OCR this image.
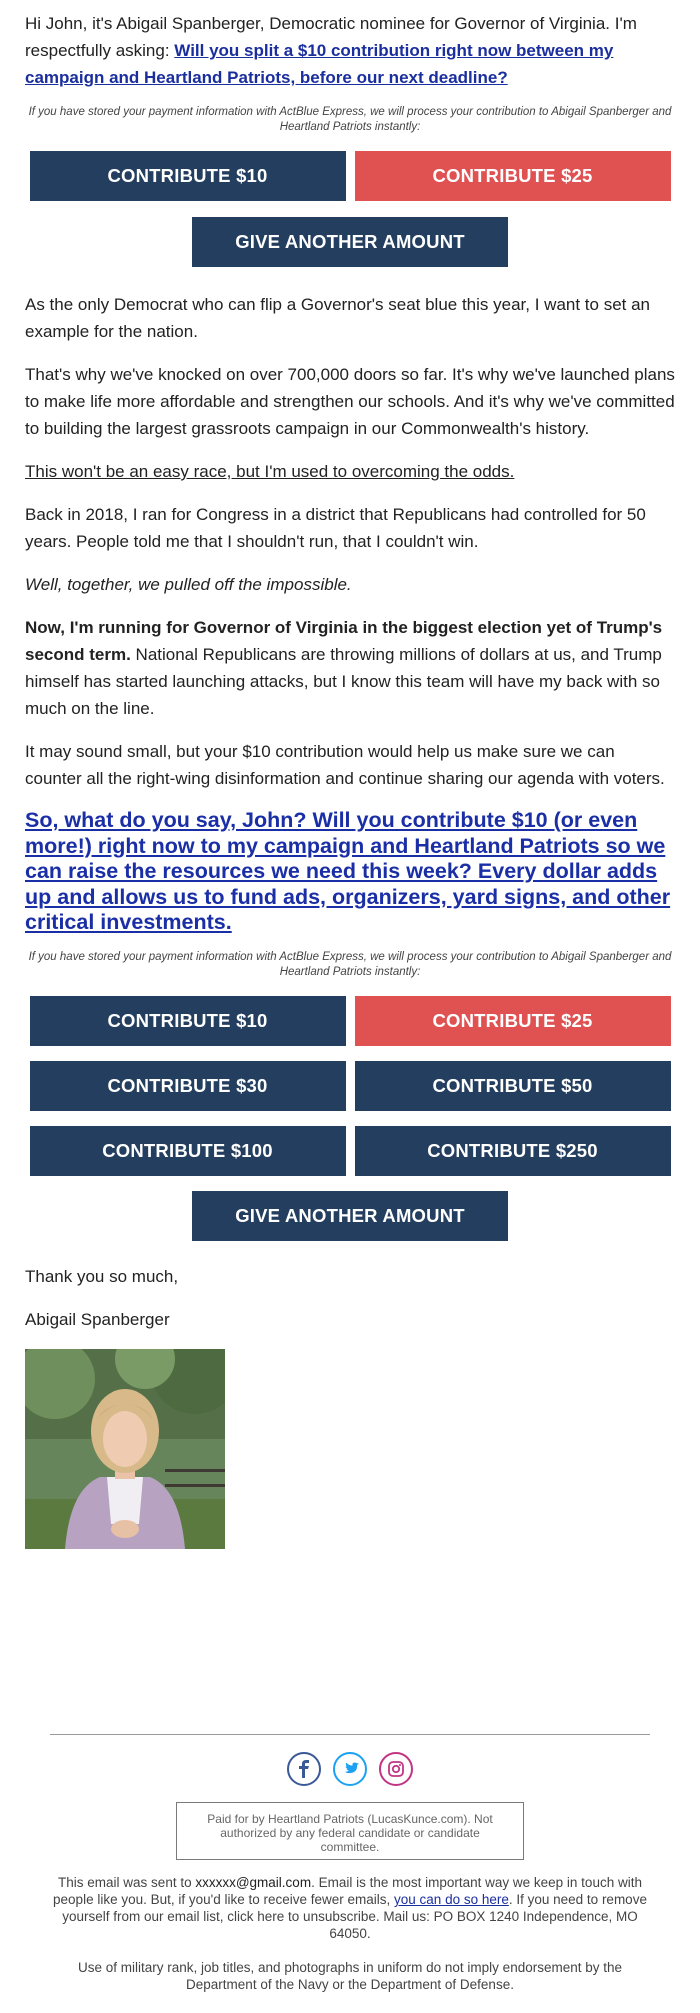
Hi John, it's Abigail Spanberger, Democratic nominee for Governor of Virginia. I'm respectfully asking: Will you split a $10 contribution right now between my campaign and Heartland Patriots, before our next deadline?

If you have stored your payment information with ActBlue Express, we will process your contribution to Abigail Spanberger and Heartland Patriots instantly:

CONTRIBUTE $10	CONTRIBUTE $25
GIVE ANOTHER AMOUNT

As the only Democrat who can flip a Governor's seat blue this year, I want to set an example for the nation.

That's why we've knocked on over 700,000 doors so far. It's why we've launched plans to make life more affordable and strengthen our schools. And it's why we've committed to building the largest grassroots campaign in our Commonwealth's history.

This won't be an easy race, but I'm used to overcoming the odds.

Back in 2018, I ran for Congress in a district that Republicans had controlled for 50 years. People told me that I shouldn't run, that I couldn't win.

Well, together, we pulled off the impossible.

Now, I'm running for Governor of Virginia in the biggest election yet of Trump's second term. National Republicans are throwing millions of dollars at us, and Trump himself has started launching attacks, but I know this team will have my back with so much on the line.

It may sound small, but your $10 contribution would help us make sure we can counter all the right-wing disinformation and continue sharing our agenda with voters.

So, what do you say, John? Will you contribute $10 (or even more!) right now to my campaign and Heartland Patriots so we can raise the resources we need this week? Every dollar adds up and allows us to fund ads, organizers, yard signs, and other critical investments.

If you have stored your payment information with ActBlue Express, we will process your contribution to Abigail Spanberger and Heartland Patriots instantly:

CONTRIBUTE $10	CONTRIBUTE $25
CONTRIBUTE $30	CONTRIBUTE $50
CONTRIBUTE $100	CONTRIBUTE $250
GIVE ANOTHER AMOUNT

Thank you so much,

Abigail Spanberger

Paid for by Heartland Patriots (LucasKunce.com). Not authorized by any federal candidate or candidate committee.
This email was sent to xxxxxx@gmail.com. Email is the most important way we keep in touch with people like you. But, if you'd like to receive fewer emails, you can do so here. If you need to remove yourself from our email list, click here to unsubscribe. Mail us: PO BOX 1240 Independence, MO 64050.
Use of military rank, job titles, and photographs in uniform do not imply endorsement by the Department of the Navy or the Department of Defense.
